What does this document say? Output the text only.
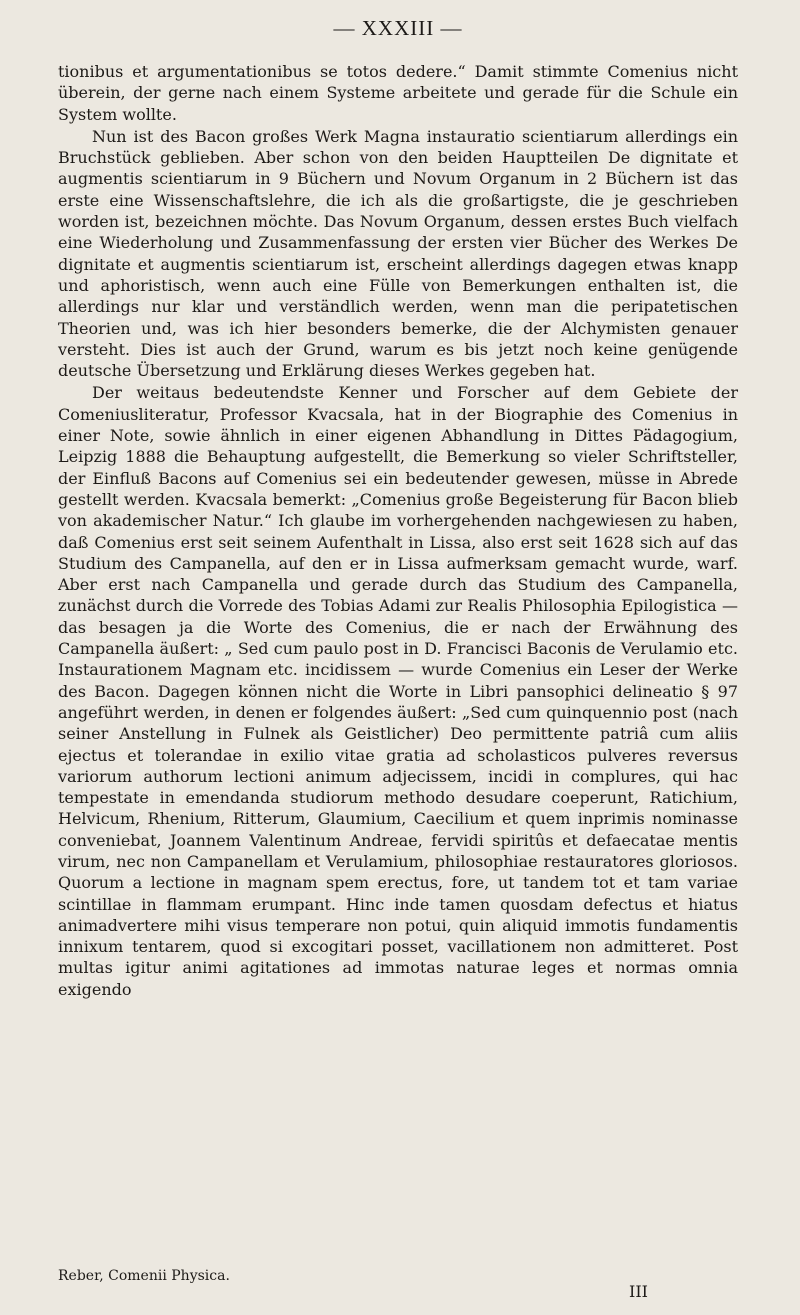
— XXXIII —

tionibus et argumentationibus se totos dedere.“ Damit stimmte Comenius nicht überein, der gerne nach einem Systeme arbeitete und gerade für die Schule ein System wollte.

Nun ist des Bacon großes Werk Magna instauratio scientiarum allerdings ein Bruchstück geblieben. Aber schon von den beiden Hauptteilen De dignitate et augmentis scientiarum in 9 Büchern und Novum Organum in 2 Büchern ist das erste eine Wissenschaftslehre, die ich als die großartigste, die je geschrieben worden ist, bezeichnen möchte. Das Novum Organum, dessen erstes Buch vielfach eine Wiederholung und Zusammenfassung der ersten vier Bücher des Werkes De dignitate et augmentis scientiarum ist, erscheint allerdings dagegen etwas knapp und aphoristisch, wenn auch eine Fülle von Bemerkungen enthalten ist, die allerdings nur klar und verständlich werden, wenn man die peripatetischen Theorien und, was ich hier besonders bemerke, die der Alchymisten genauer versteht. Dies ist auch der Grund, warum es bis jetzt noch keine genügende deutsche Übersetzung und Erklärung dieses Werkes gegeben hat.

Der weitaus bedeutendste Kenner und Forscher auf dem Gebiete der Comeniusliteratur, Professor Kvacsala, hat in der Biographie des Comenius in einer Note, sowie ähnlich in einer eigenen Abhandlung in Dittes Pädagogium, Leipzig 1888 die Behauptung aufgestellt, die Bemerkung so vieler Schriftsteller, der Einfluß Bacons auf Comenius sei ein bedeutender gewesen, müsse in Abrede gestellt werden. Kvacsala bemerkt: „Comenius große Begeisterung für Bacon blieb von akademischer Natur.“ Ich glaube im vorhergehenden nachgewiesen zu haben, daß Comenius erst seit seinem Aufenthalt in Lissa, also erst seit 1628 sich auf das Studium des Campanella, auf den er in Lissa aufmerksam gemacht wurde, warf. Aber erst nach Campanella und gerade durch das Studium des Campanella, zunächst durch die Vorrede des Tobias Adami zur Realis Philosophia Epilogistica — das besagen ja die Worte des Comenius, die er nach der Erwähnung des Campanella äußert: „ Sed cum paulo post in D. Francisci Baconis de Verulamio etc. Instaurationem Magnam etc. incidissem — wurde Comenius ein Leser der Werke des Bacon. Dagegen können nicht die Worte in Libri pansophici delineatio § 97 angeführt werden, in denen er folgendes äußert: „Sed cum quinquennio post (nach seiner Anstellung in Fulnek als Geistlicher) Deo permittente patriâ cum aliis ejectus et tolerandae in exilio vitae gratia ad scholasticos pulveres reversus variorum authorum lectioni animum adjecissem, incidi in complures, qui hac tempestate in emendanda studiorum methodo desudare coeperunt, Ratichium, Helvicum, Rhenium, Ritterum, Glaumium, Caecilium et quem inprimis nominasse conveniebat, Joannem Valentinum Andreae, fervidi spiritûs et defaecatae mentis virum, nec non Campanellam et Verulamium, philosophiae restauratores gloriosos. Quorum a lectione in magnam spem erectus, fore, ut tandem tot et tam variae scintillae in flammam erumpant. Hinc inde tamen quosdam defectus et hiatus animadvertere mihi visus temperare non potui, quin aliquid immotis fundamentis innixum tentarem, quod si excogitari posset, vacillationem non admitteret. Post multas igitur animi agitationes ad immotas naturae leges et normas omnia exigendo

Reber, Comenii Physica.
III
